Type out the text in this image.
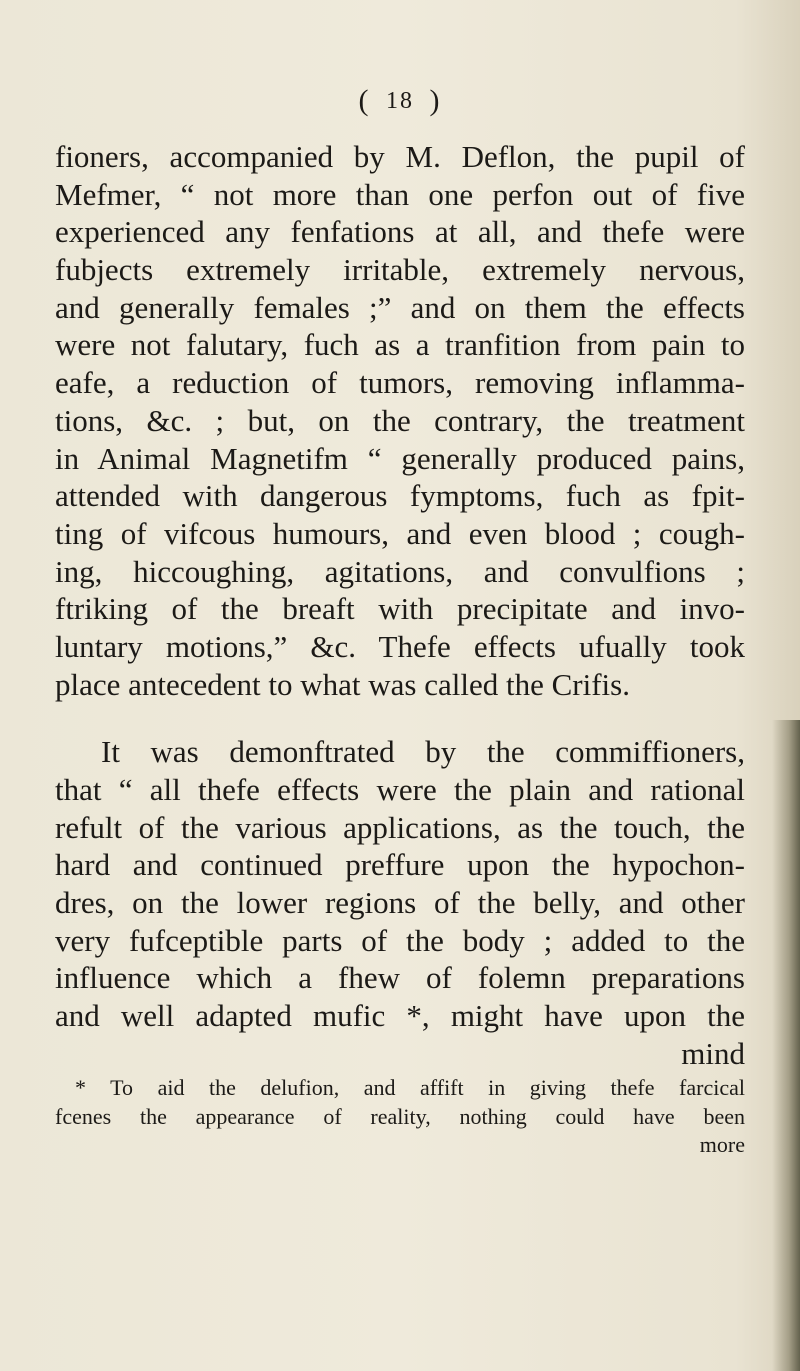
( 18 )
fioners, accompanied by M. Deflon, the pupil of
Mefmer, “ not more than one perfon out of five
experienced any fenfations at all, and thefe were
fubjects extremely irritable, extremely nervous,
and generally females ;” and on them the effects
were not falutary, fuch as a tranfition from pain to
eafe, a reduction of tumors, removing inflamma-
tions, &c. ; but, on the contrary, the treatment
in Animal Magnetifm “ generally produced pains,
attended with dangerous fymptoms, fuch as fpit-
ting of vifcous humours, and even blood ; cough-
ing, hiccoughing, agitations, and convulfions ;
ftriking of the breaft with precipitate and invo-
luntary motions,” &c. Thefe effects ufually took
place antecedent to what was called the Crifis.
It was demonftrated by the commiffioners,
that “ all thefe effects were the plain and rational
refult of the various applications, as the touch, the
hard and continued preffure upon the hypochon-
dres, on the lower regions of the belly, and other
very fufceptible parts of the body ; added to the
influence which a fhew of folemn preparations
and well adapted mufic *, might have upon the
mind
* To aid the delufion, and affift in giving thefe farcical
fcenes the appearance of reality, nothing could have been
more
